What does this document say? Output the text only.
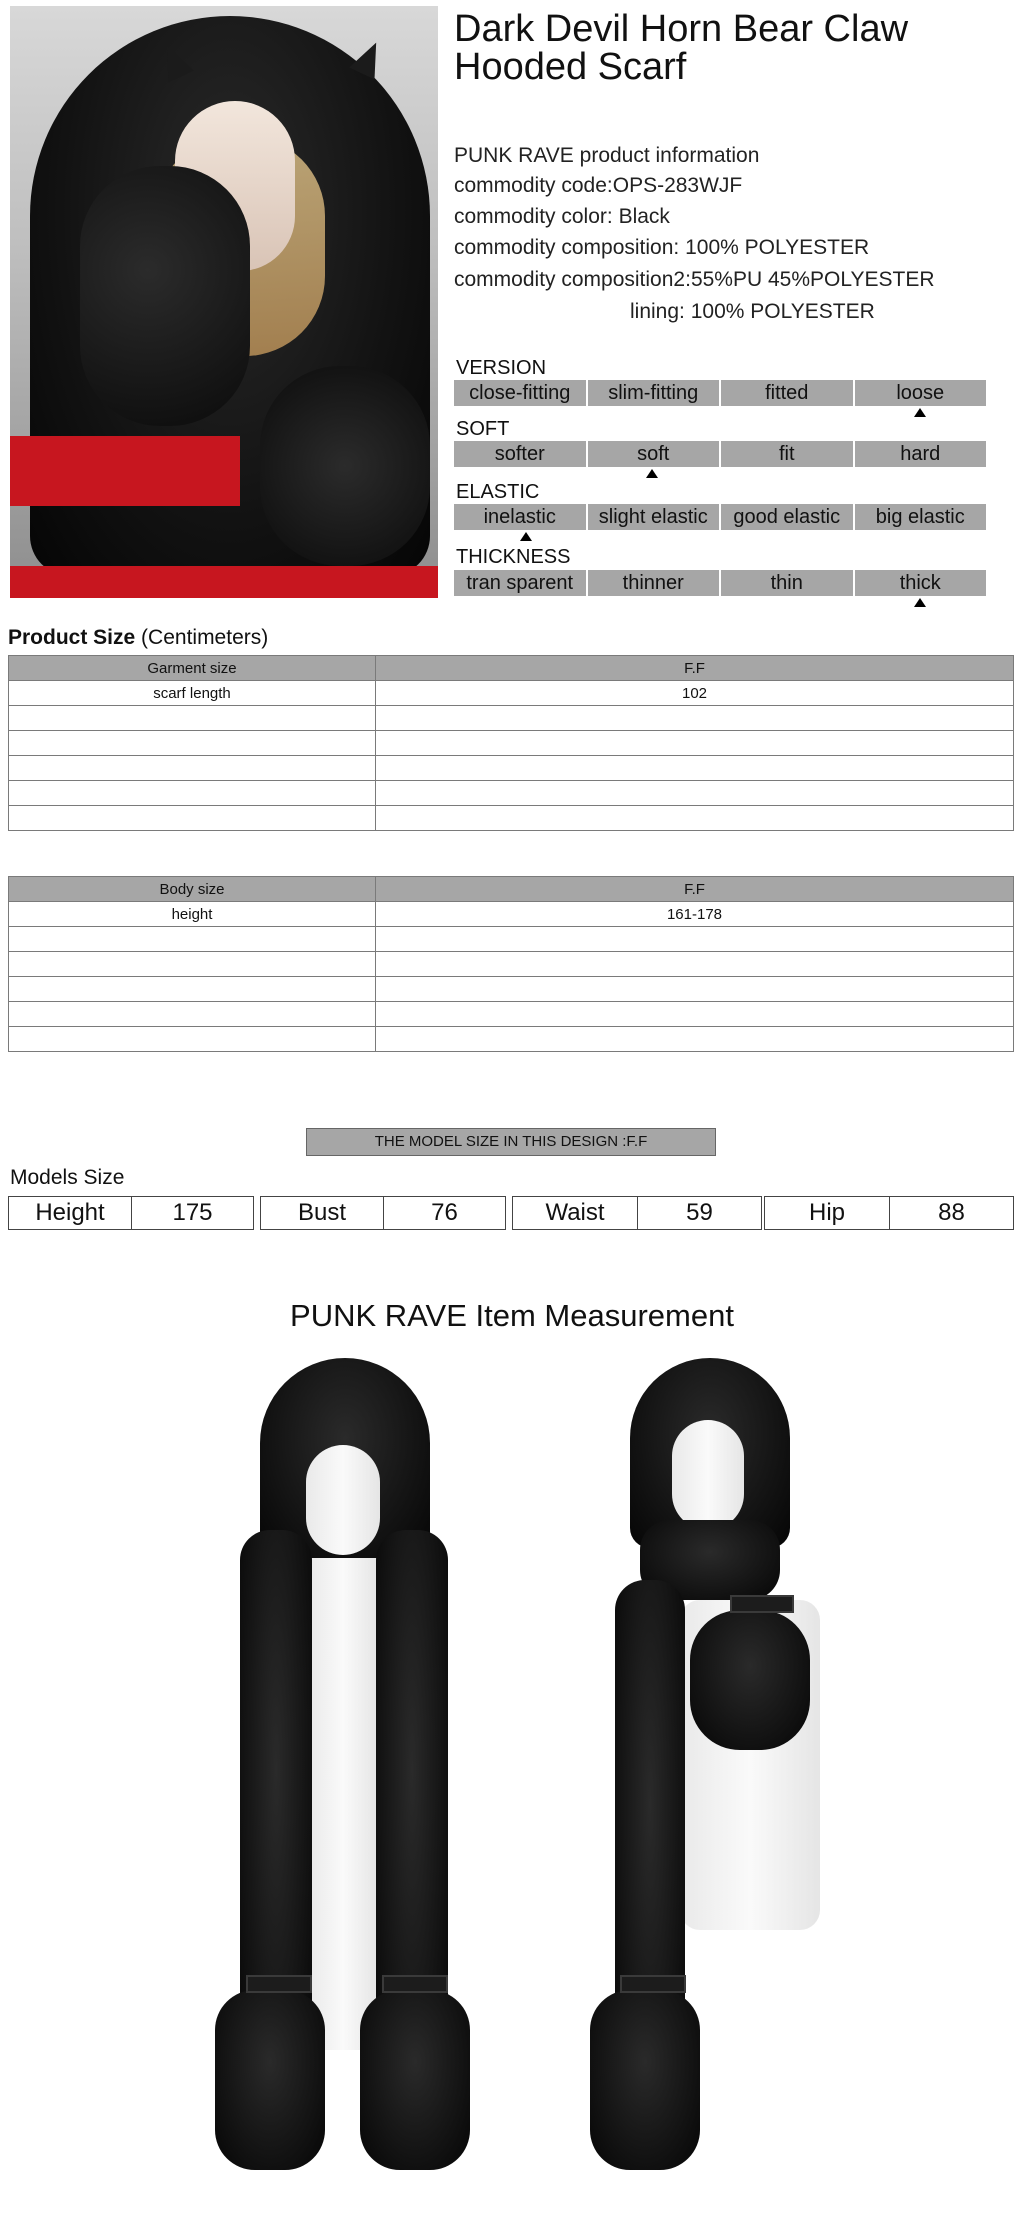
Dark Devil Horn Bear Claw Hooded Scarf
PUNK RAVE product information
commodity code:OPS-283WJF
commodity color: Black
commodity composition: 100% POLYESTER
commodity composition2:55%PU 45%POLYESTER
lining: 100% POLYESTER
VERSION
close-fitting	slim-fitting	fitted	loose
SOFT
softer	soft	fit	hard
ELASTIC
inelastic	slight elastic	good elastic	big elastic
THICKNESS
tran sparent	thinner	thin	thick
Product Size (Centimeters)
Garment size	F.F
scarf length	102

Body size	F.F
height	161-178

THE MODEL SIZE IN THIS DESIGN :F.F
Models Size
Height	175	Bust	76	Waist	59	Hip	88
PUNK RAVE Item Measurement
